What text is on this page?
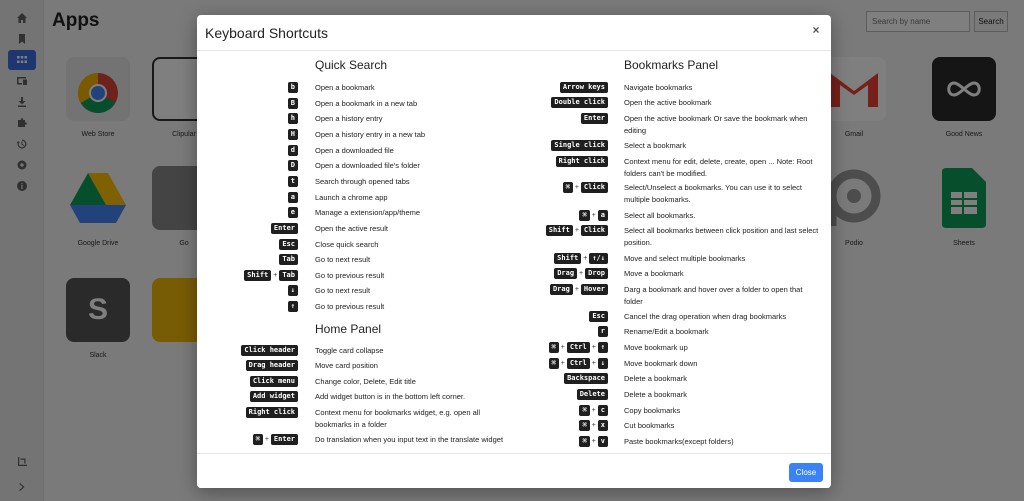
Search by name
Keyboard Shortcuts	×
Quick Search
b	Open a bookmark
B	Open a bookmark in a new tab
h	Open a history entry
H	Open a history entry in a new tab
d	Open a downloaded file
D	Open a downloaded file's folder
t	Search through opened tabs
a	Launch a chrome app
e	Manage a extension/app/theme
Enter	Open the active result
Esc	Close quick search
Tab	Go to next result
Shift + Tab	Go to previous result
↓	Go to next result
↑	Go to previous result
Home Panel
Click header	Toggle card collapse
Drag header	Move card position
Click menu	Change color, Delete, Edit title
Add widget	Add widget button is in the bottom left corner.
Right click	Context menu for bookmarks widget, e.g. open all bookmarks in a folder
⌘ + Enter	Do translation when you input text in the translate widget
Bookmarks Panel
Arrow keys	Navigate bookmarks
Double click	Open the active bookmark
Enter	Open the active bookmark Or save the bookmark when editing
Single click	Select a bookmark
Right click	Context menu for edit, delete, create, open ... Note: Root folders can't be modified.
⌘ + Click	Select/Unselect a bookmarks. You can use it to select multiple bookmarks.
⌘ + a	Select all bookmarks.
Shift + Click	Select all bookmarks between click position and last select position.
Shift + ↑/↓	Move and select multiple bookmarks
Drag + Drop	Move a bookmark
Drag + Hover	Darg a bookmark and hover over a folder to open that folder
Esc	Cancel the drag operation when drag bookmarks
r	Rename/Edit a bookmark
⌘ + Ctrl + ↑	Move bookmark up
⌘ + Ctrl + ↓	Move bookmark down
Backspace	Delete a bookmark
Delete	Delete a bookmark
⌘ + c	Copy bookmarks
⌘ + x	Cut bookmarks
⌘ + v	Paste bookmarks(except folders)
Close
